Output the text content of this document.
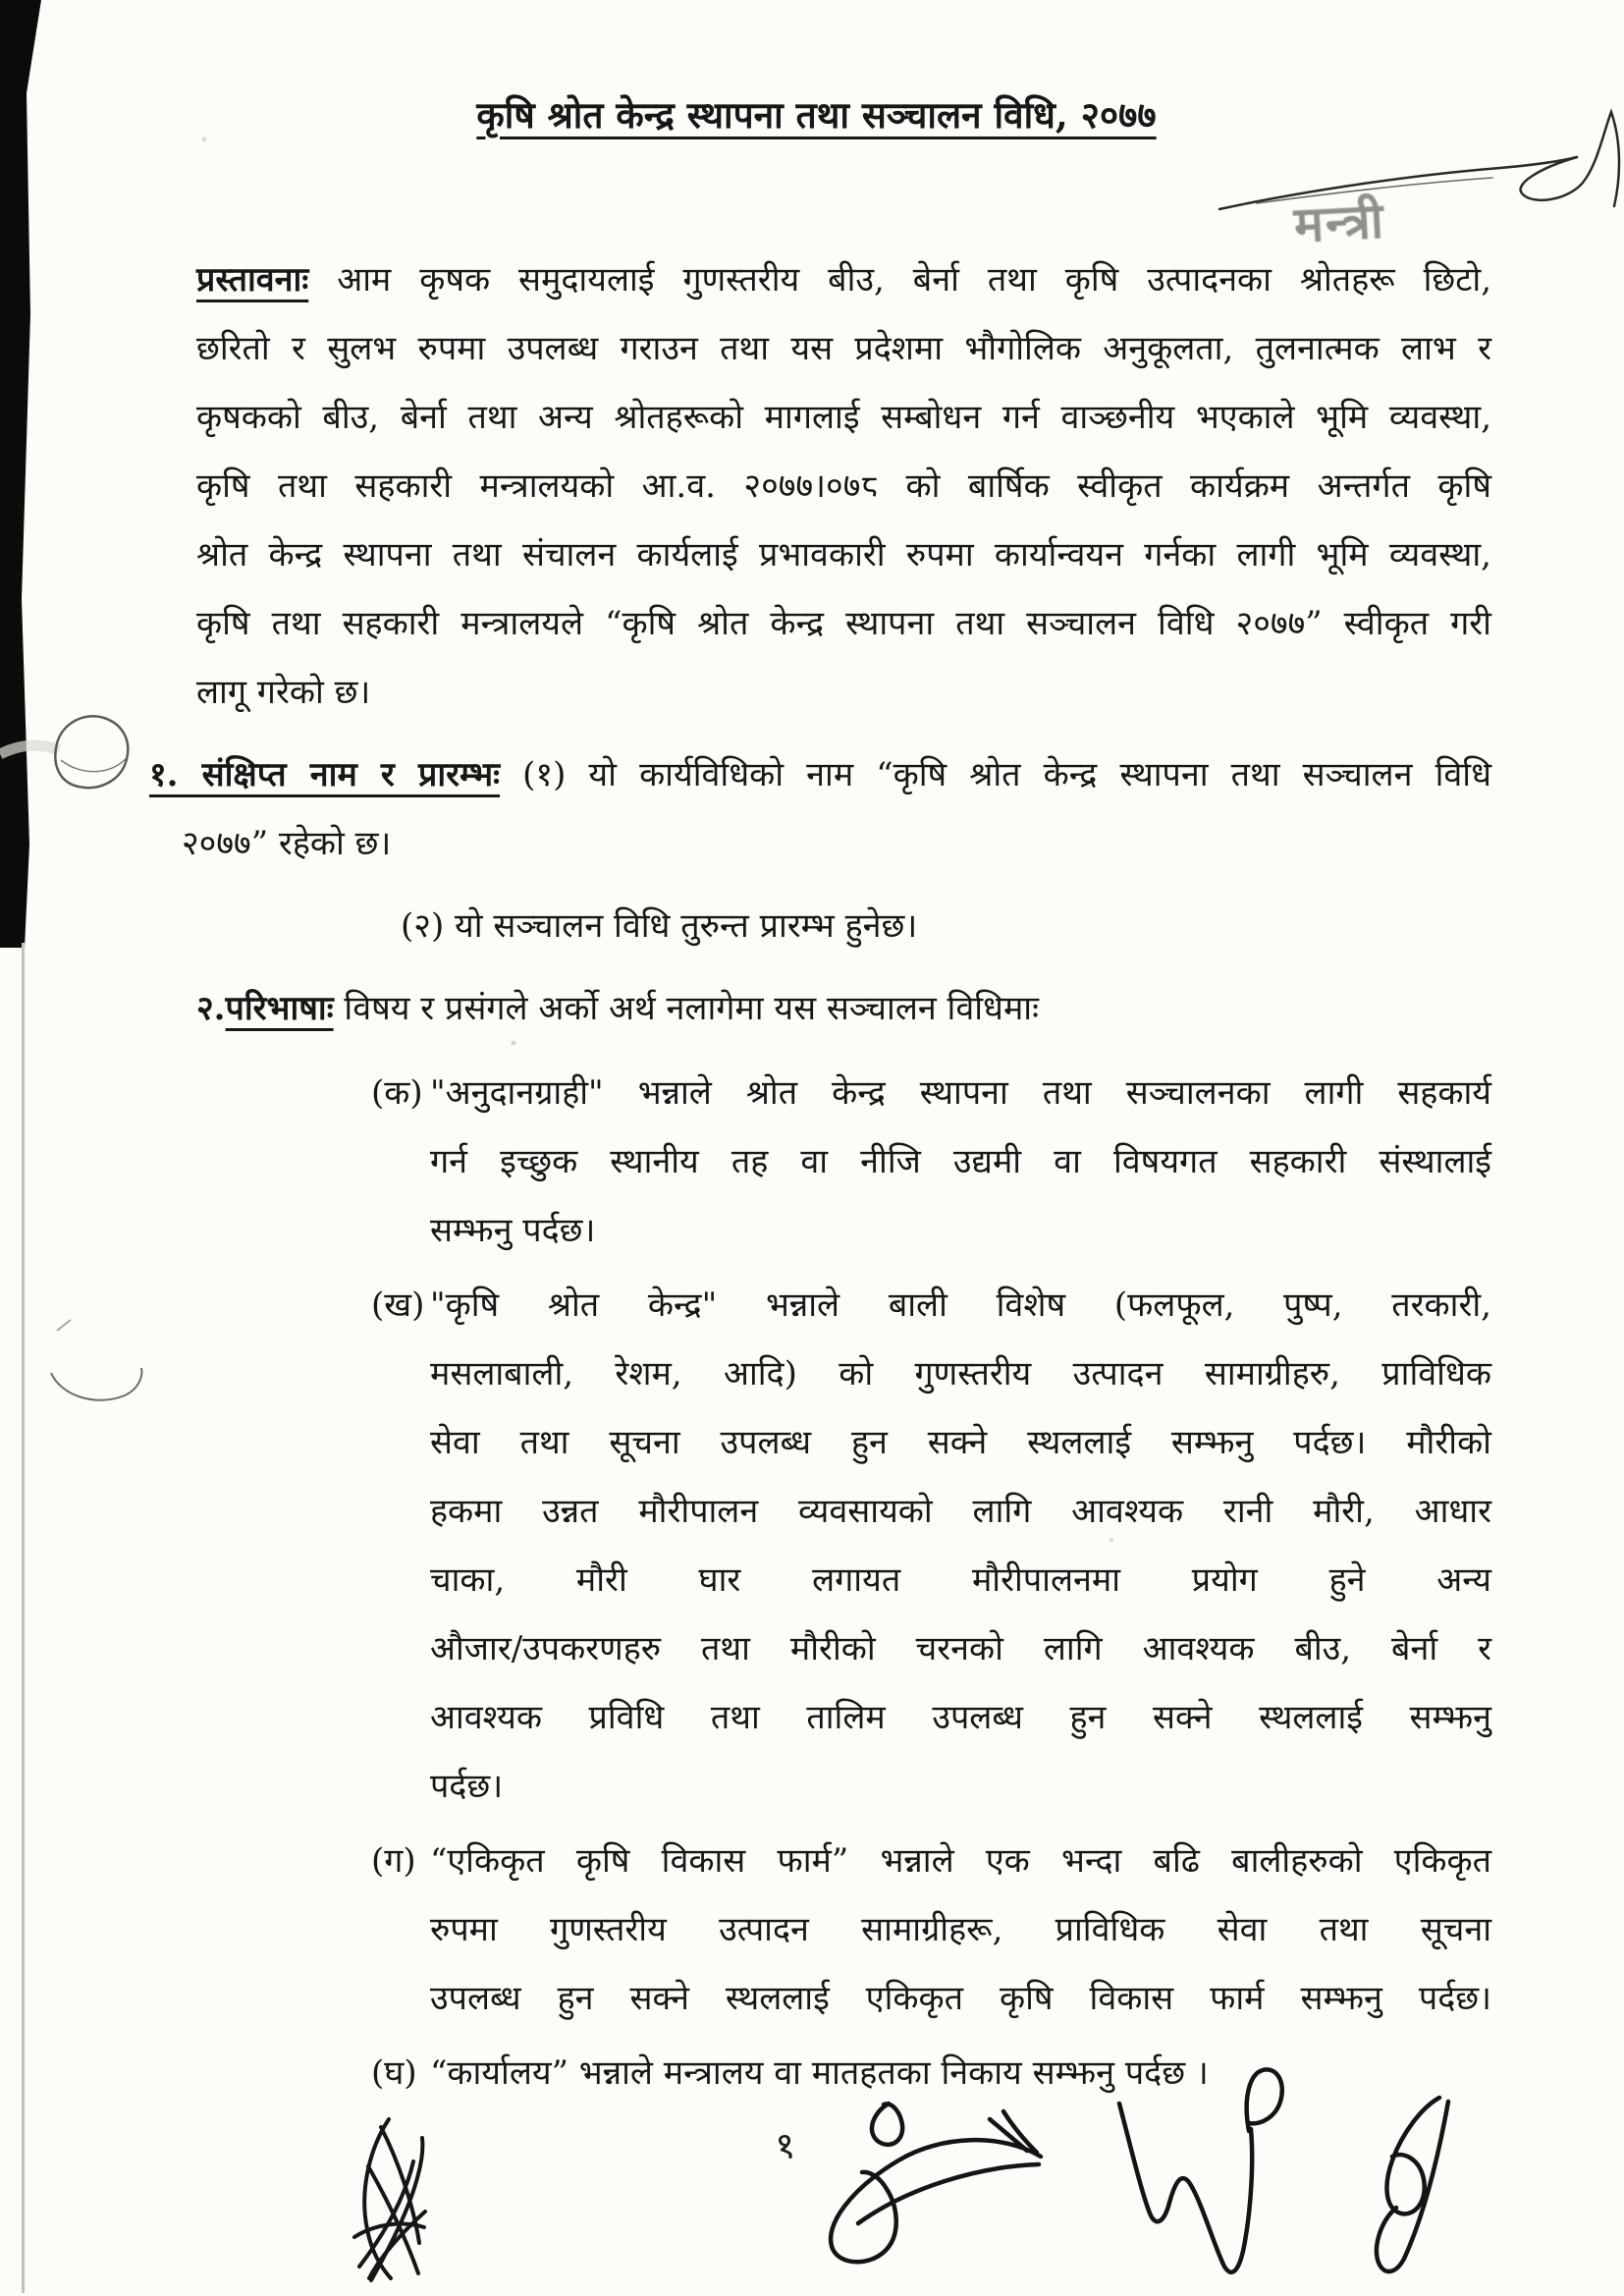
मन्त्री
१
कृषि श्रोत केन्द्र स्थापना तथा सञ्चालन विधि, २०७७
प्रस्तावनाः आम कृषक समुदायलाई गुणस्तरीय बीउ, बेर्ना तथा कृषि उत्पादनका श्रोतहरू छिटो,
छरितो र सुलभ रुपमा उपलब्ध गराउन तथा यस प्रदेशमा भौगोलिक अनुकूलता, तुलनात्मक लाभ र
कृषकको बीउ, बेर्ना तथा अन्य श्रोतहरूको मागलाई सम्बोधन गर्न वाञ्छनीय भएकाले भूमि व्यवस्था,
कृषि तथा सहकारी मन्त्रालयको आ.व. २०७७।०७८ को बार्षिक स्वीकृत कार्यक्रम अन्तर्गत कृषि
श्रोत केन्द्र स्थापना तथा संचालन कार्यलाई प्रभावकारी रुपमा कार्यान्वयन गर्नका लागी भूमि व्यवस्था,
कृषि तथा सहकारी मन्त्रालयले “कृषि श्रोत केन्द्र स्थापना तथा सञ्चालन विधि २०७७” स्वीकृत गरी
लागू गरेको छ।
१. संक्षिप्त नाम र प्रारम्भः (१) यो कार्यविधिको नाम “कृषि श्रोत केन्द्र स्थापना तथा सञ्चालन विधि
२०७७” रहेको छ।
(२) यो सञ्चालन विधि तुरुन्त प्रारम्भ हुनेछ।
२.परिभाषाः विषय र प्रसंगले अर्को अर्थ नलागेमा यस सञ्चालन विधिमाः
(क) "अनुदानग्राही" भन्नाले श्रोत केन्द्र स्थापना तथा सञ्चालनका लागी सहकार्य
गर्न इच्छुक स्थानीय तह वा नीजि उद्यमी वा विषयगत सहकारी संस्थालाई
सम्झनु पर्दछ।
(ख) "कृषि श्रोत केन्द्र" भन्नाले बाली विशेष (फलफूल, पुष्प, तरकारी,
मसलाबाली, रेशम, आदि) को गुणस्तरीय उत्पादन सामाग्रीहरु, प्राविधिक
सेवा तथा सूचना उपलब्ध हुन सक्ने स्थललाई सम्झनु पर्दछ। मौरीको
हकमा उन्नत मौरीपालन व्यवसायको लागि आवश्यक रानी मौरी, आधार
चाका, मौरी घार लगायत मौरीपालनमा प्रयोग हुने अन्य
औजार/उपकरणहरु तथा मौरीको चरनको लागि आवश्यक बीउ, बेर्ना र
आवश्यक प्रविधि तथा तालिम उपलब्ध हुन सक्ने स्थललाई सम्झनु
पर्दछ।
(ग) “एकिकृत कृषि विकास फार्म” भन्नाले एक भन्दा बढि बालीहरुको एकिकृत
रुपमा गुणस्तरीय उत्पादन सामाग्रीहरू, प्राविधिक सेवा तथा सूचना
उपलब्ध हुन सक्ने स्थललाई एकिकृत कृषि विकास फार्म सम्झनु पर्दछ।
(घ) “कार्यालय” भन्नाले मन्त्रालय वा मातहतका निकाय सम्झनु पर्दछ ।
